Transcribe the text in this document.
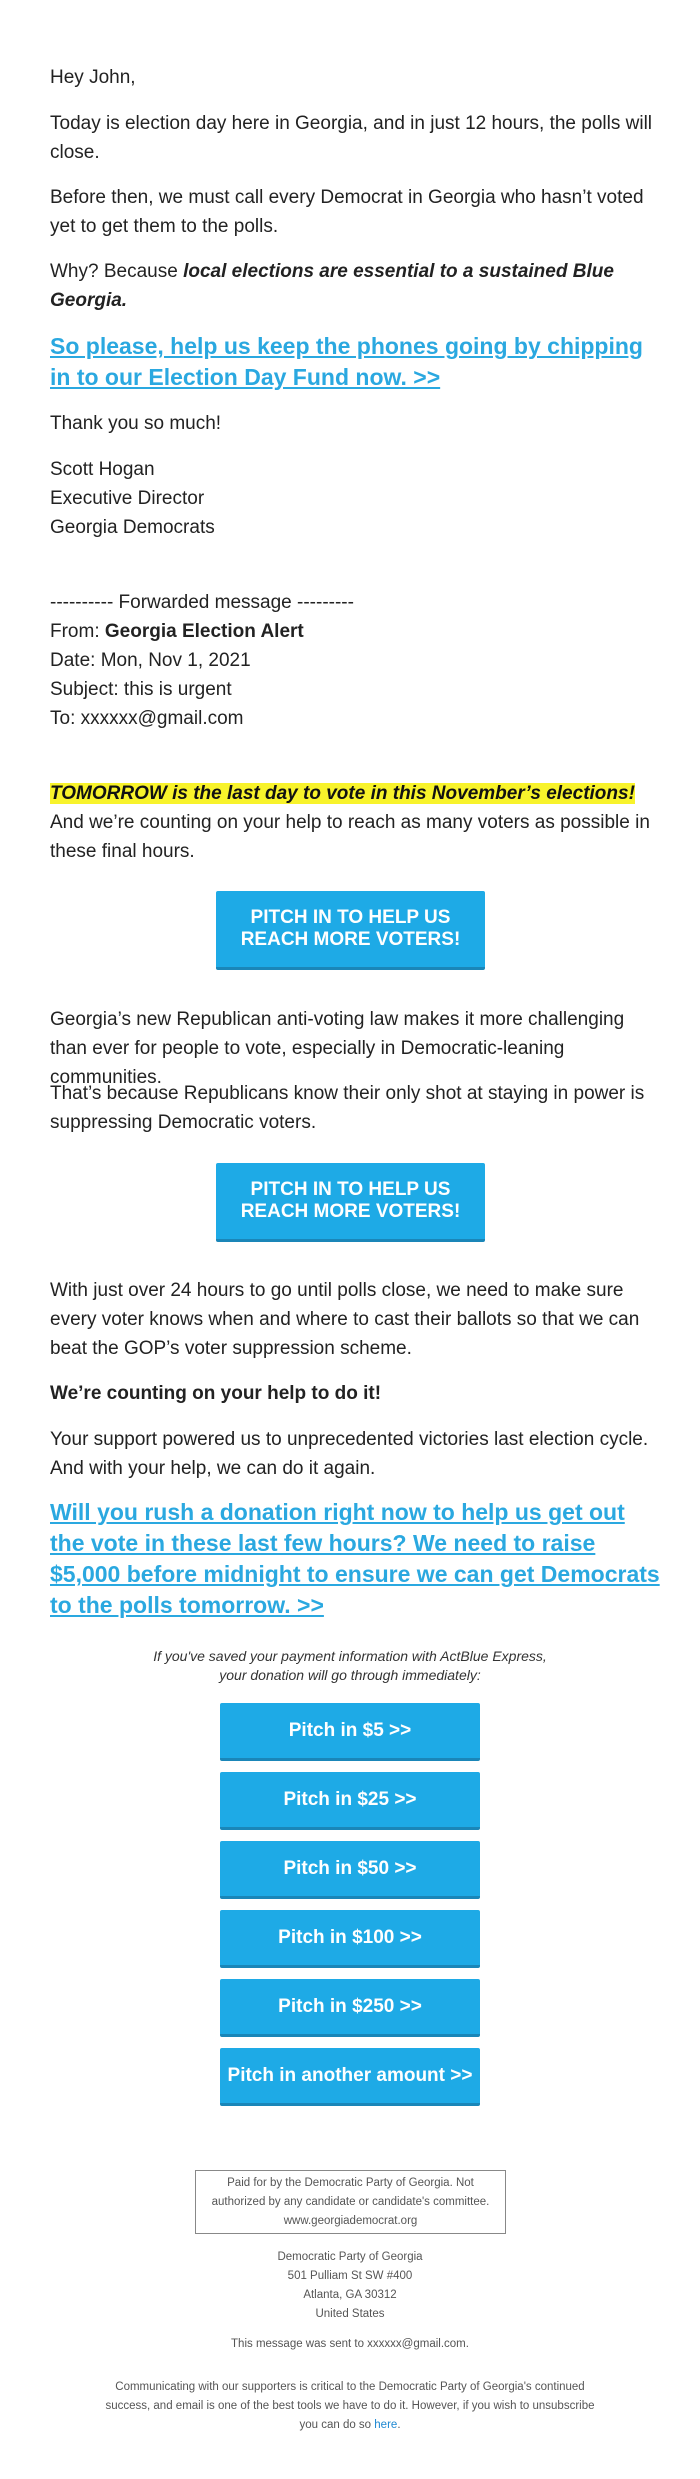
Hey John,
Today is election day here in Georgia, and in just 12 hours, the polls will close.
Before then, we must call every Democrat in Georgia who hasn’t voted yet to get them to the polls.
Why? Because local elections are essential to a sustained Blue Georgia.
So please, help us keep the phones going by chipping in to our Election Day Fund now. >>
Thank you so much!
Scott Hogan
Executive Director
Georgia Democrats
---------- Forwarded message ---------
From: Georgia Election Alert
Date: Mon, Nov 1, 2021
Subject: this is urgent
To: xxxxxx@gmail.com
TOMORROW is the last day to vote in this November’s elections! And we’re counting on your help to reach as many voters as possible in these final hours.
PITCH IN TO HELP US REACH MORE VOTERS!
Georgia’s new Republican anti-voting law makes it more challenging than ever for people to vote, especially in Democratic-leaning communities.
That’s because Republicans know their only shot at staying in power is suppressing Democratic voters.
PITCH IN TO HELP US REACH MORE VOTERS!
With just over 24 hours to go until polls close, we need to make sure every voter knows when and where to cast their ballots so that we can beat the GOP’s voter suppression scheme.
We’re counting on your help to do it!
Your support powered us to unprecedented victories last election cycle. And with your help, we can do it again.
Will you rush a donation right now to help us get out the vote in these last few hours? We need to raise $5,000 before midnight to ensure we can get Democrats to the polls tomorrow. >>
If you've saved your payment information with ActBlue Express,
your donation will go through immediately:
Pitch in $5 >>
Pitch in $25 >>
Pitch in $50 >>
Pitch in $100 >>
Pitch in $250 >>
Pitch in another amount >>
Paid for by the Democratic Party of Georgia. Not
authorized by any candidate or candidate's committee.
www.georgiademocrat.org
Democratic Party of Georgia
501 Pulliam St SW #400
Atlanta, GA 30312
United States
This message was sent to xxxxxx@gmail.com.
Communicating with our supporters is critical to the Democratic Party of Georgia's continued success, and email is one of the best tools we have to do it. However, if you wish to unsubscribe you can do so here.
